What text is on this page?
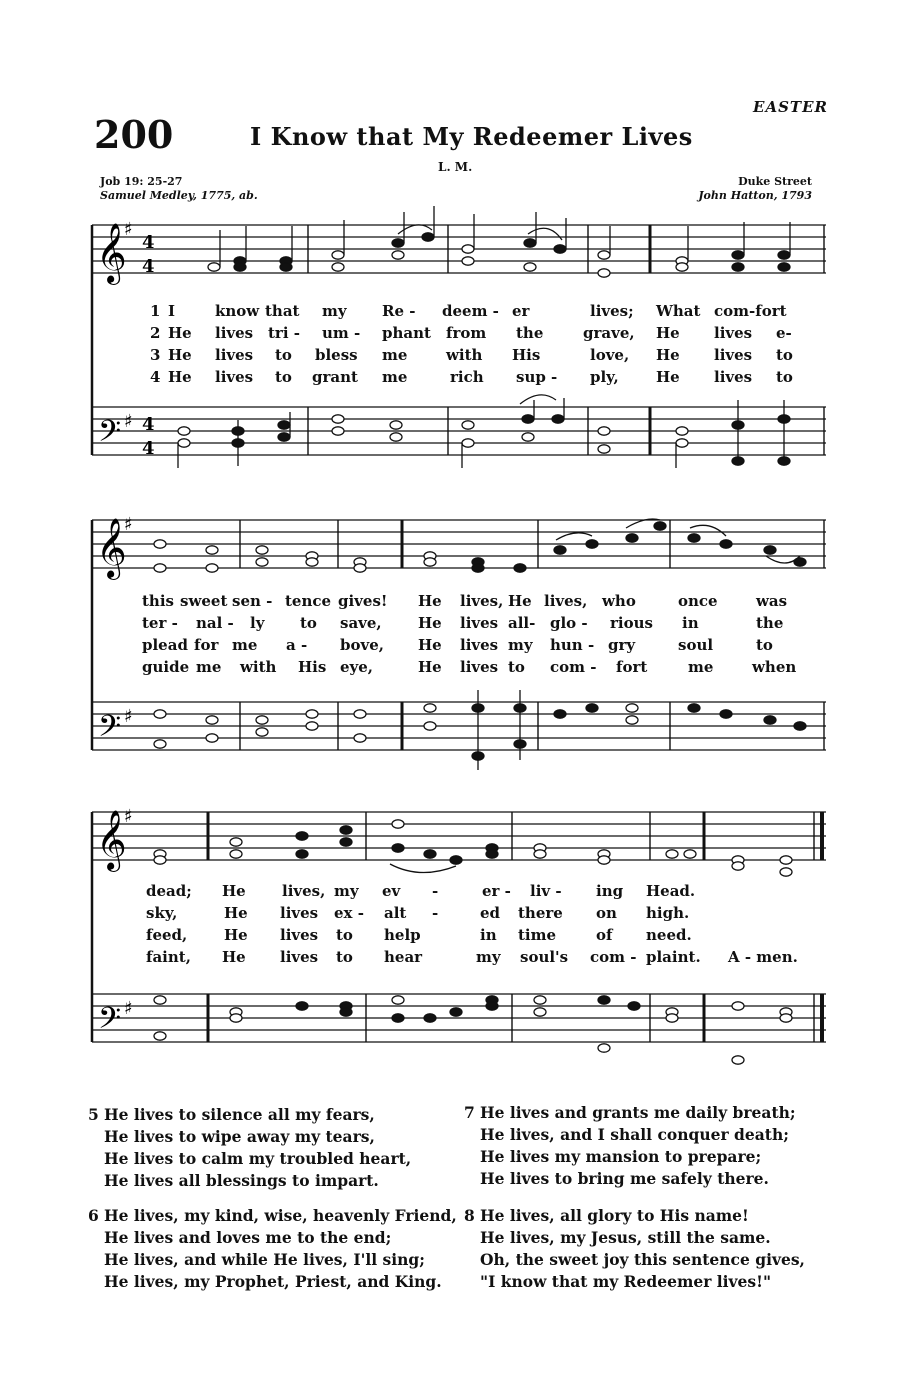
EASTER
200	I Know that My Redeemer Lives
L. M.
Job 19: 25-27
Samuel Medley, 1775, ab.
Duke Street
John Hatton, 1793
𝄞
𝄢
♯
♯
4
4
4
4
1 I	know that my Re - deem - er	lives; What com-fort
2 He lives tri - um - phant from the	grave, He lives e-
3 He lives to bless me	with His	love, He lives to
4 He lives to grant me	rich sup - ply, He lives to
𝄞
𝄢
♯
♯
this sweet sen - tence gives! He lives, He lives, who	once	was
ter - nal - ly to save, He lives all- glo - rious in	the
plead for me a - bove, He lives my hun - gry	soul	to
guide me with His eye,	He lives to com - fort	me	when
𝄞
𝄢
♯
♯
dead; He lives, my ev -	er - liv - ing Head.
sky,	He lives ex - alt -	ed there on high.
feed, He lives to help	in time	of need.
faint, He lives to hear	my soul's com - plaint. A - men.
5 He lives to silence all my fears,
He lives to wipe away my tears,
He lives to calm my troubled heart,
He lives all blessings to impart.
6 He lives, my kind, wise, heavenly Friend,
He lives and loves me to the end;
He lives, and while He lives, I'll sing;
He lives, my Prophet, Priest, and King.
7 He lives and grants me daily breath;
He lives, and I shall conquer death;
He lives my mansion to prepare;
He lives to bring me safely there.
8 He lives, all glory to His name!
He lives, my Jesus, still the same.
Oh, the sweet joy this sentence gives,
"I know that my Redeemer lives!"
